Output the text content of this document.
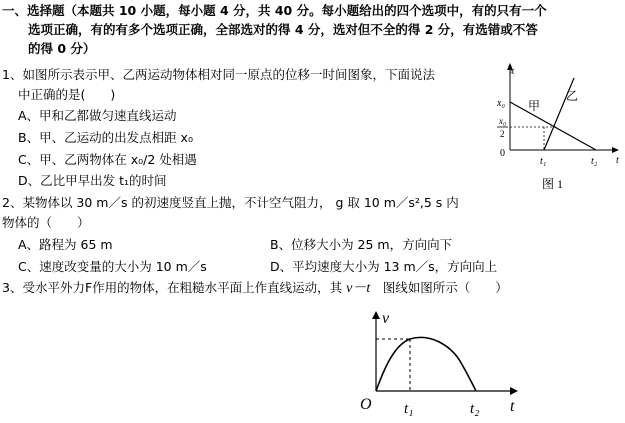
一、选择题（本题共 10 小题，每小题 4 分，共 40 分。每小题给出的四个选项中，有的只有一个
选项正确，有的有多个选项正确，全部选对的得 4 分，选对但不全的得 2 分，有选错或不答
的得 0 分）
1、如图所示表示甲、乙两运动物体相对同一原点的位移一时间图象，下面说法
中正确的是(　　)
A、甲和乙都做匀速直线运动
B、甲、乙运动的出发点相距 x₀
C、甲、乙两物体在 x₀/2 处相遇
D、乙比甲早出发 t₁的时间
x
x₀
x₀
2
0
t₁	t₂ t
甲
乙
图 1
2、某物体以 30 m／s 的初速度竖直上抛，不计空气阻力， g 取 10 m／s²,5 s 内
物体的（　　）
A、路程为 65 m	B、位移大小为 25 m，方向向下
C、速度改变量的大小为 10 m／s	D、平均速度大小为 13 m／s，方向向上
3、受水平外力F作用的物体，在粗糙水平面上作直线运动，其 v－t　图线如图所示（　　）
v
O t₁	t₂ t
